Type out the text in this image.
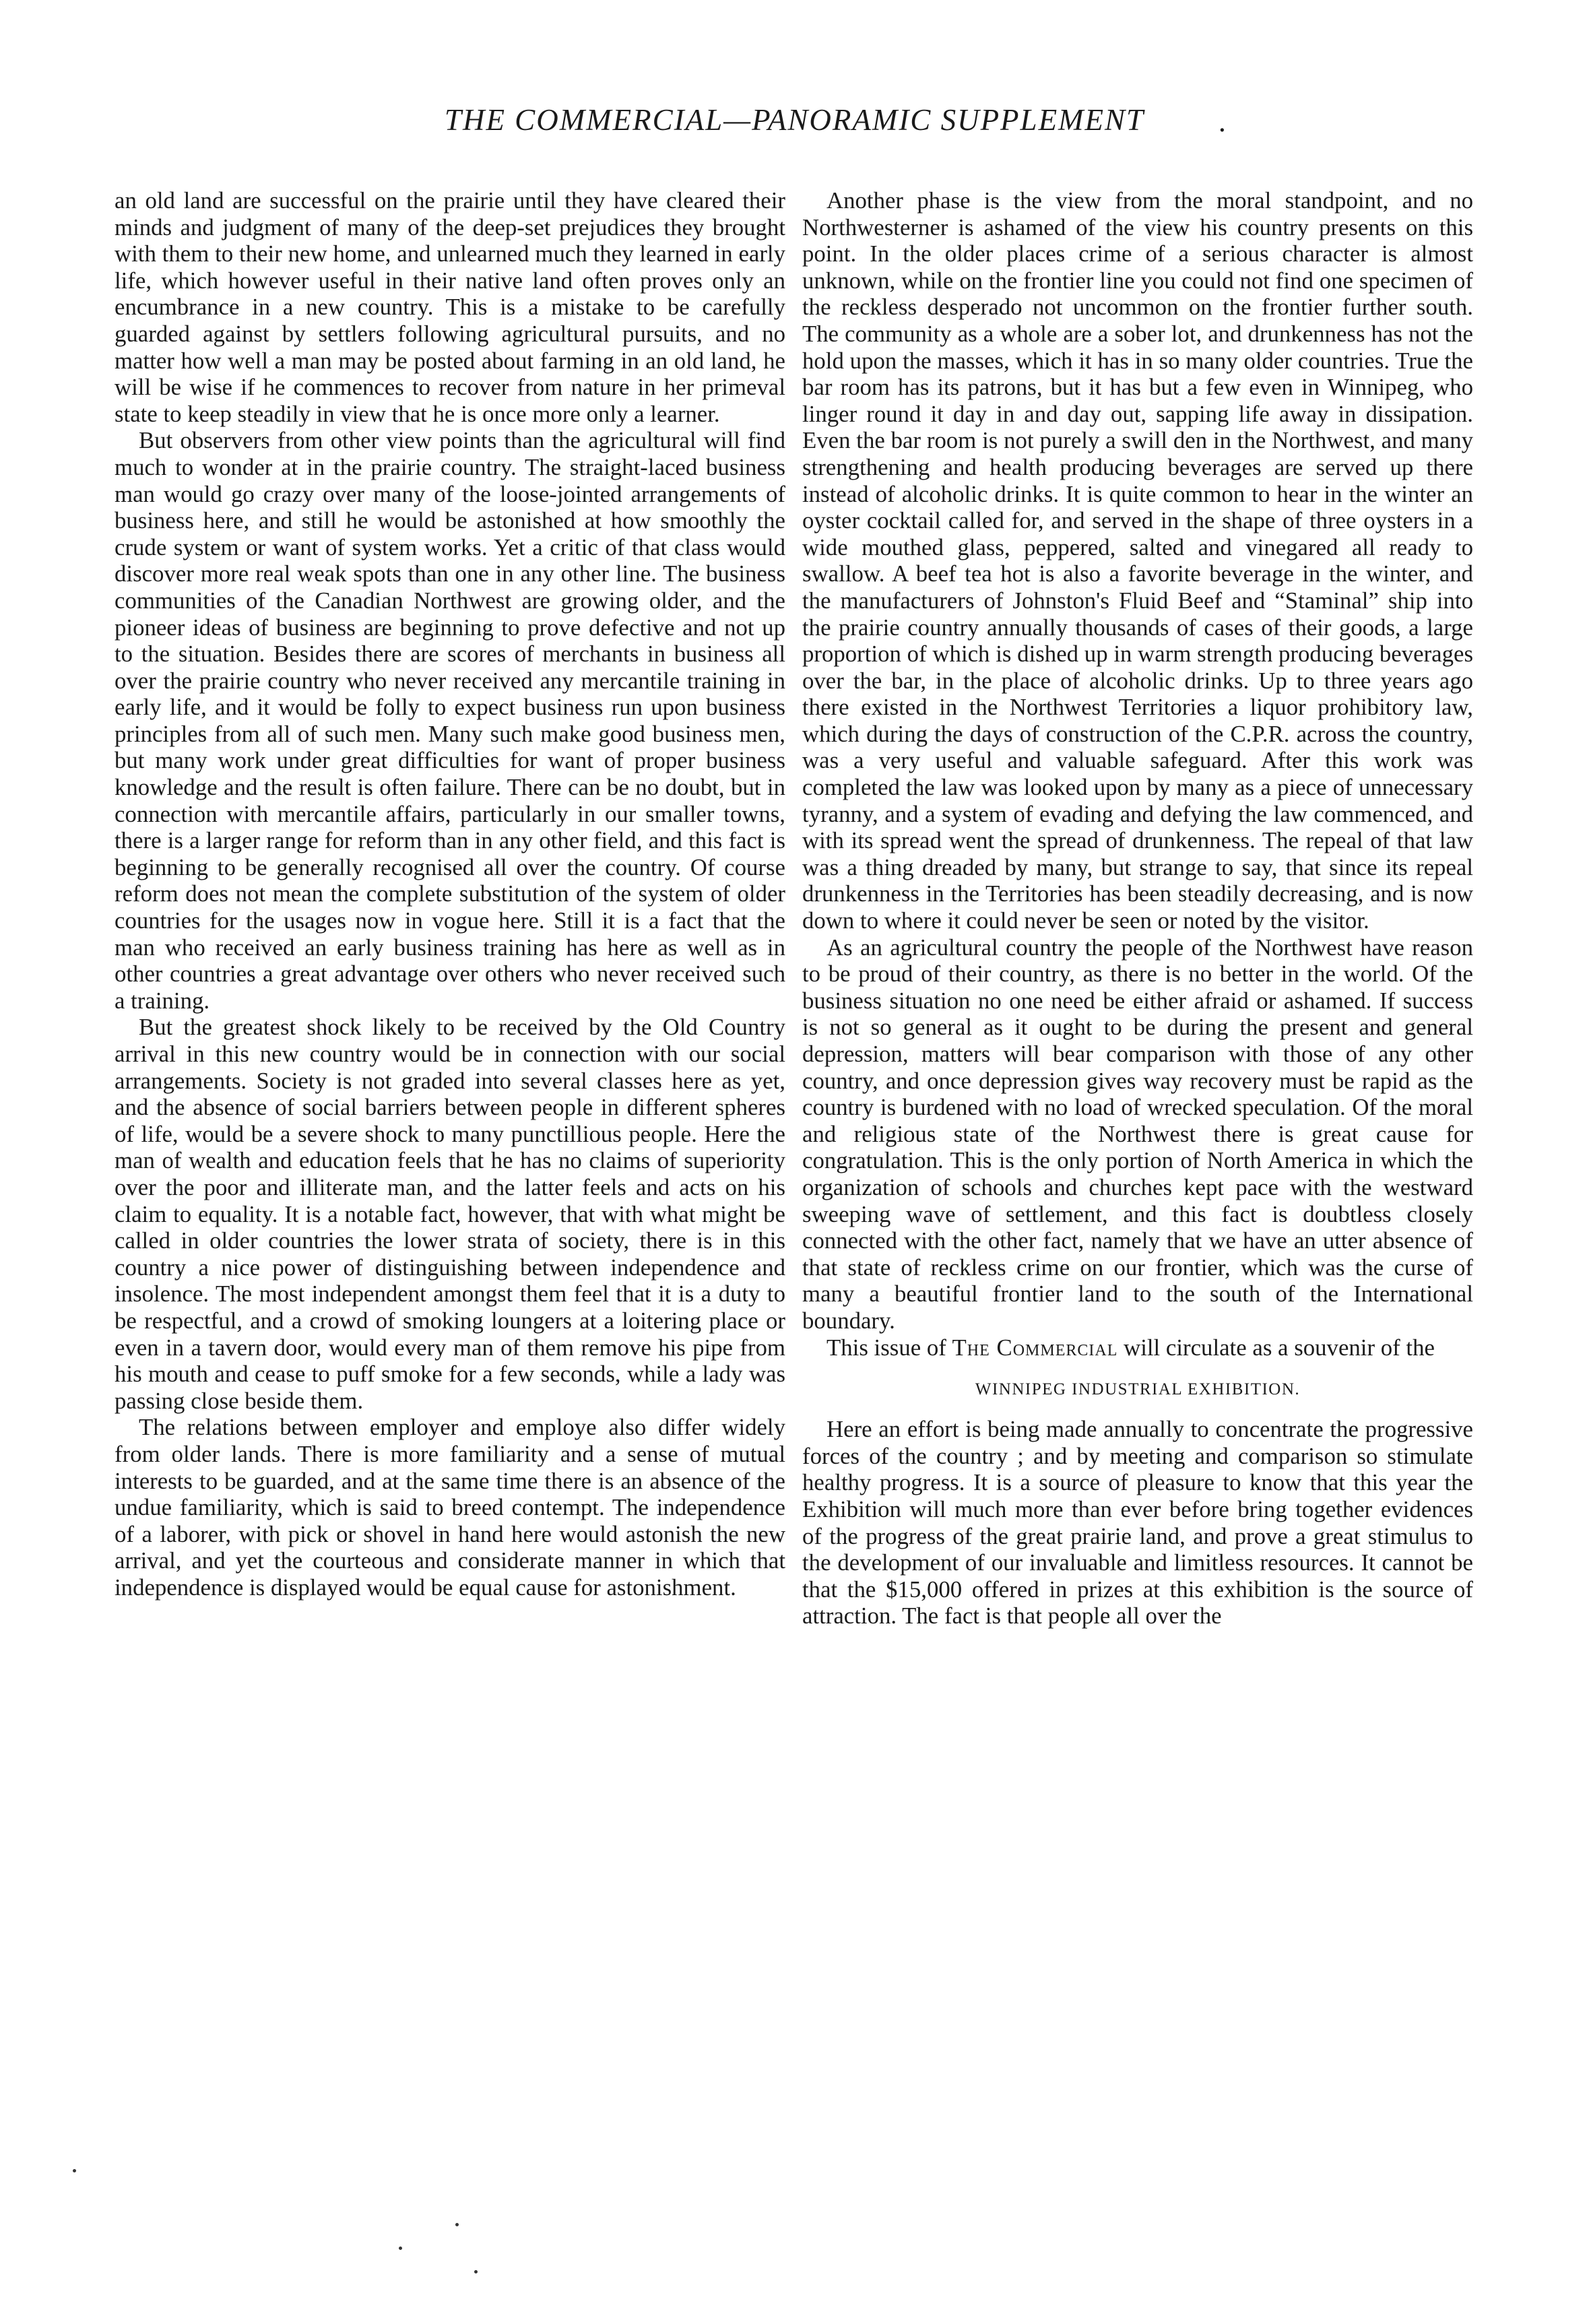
THE COMMERCIAL—PANORAMIC SUPPLEMENT	.

an old land are successful on the prairie until they have cleared their minds and judgment of many of the deep-set prejudices they brought with them to their new home, and unlearned much they learned in early life, which however useful in their native land often proves only an encumbrance in a new country. This is a mistake to be carefully guarded against by settlers following agricultural pursuits, and no matter how well a man may be posted about farming in an old land, he will be wise if he commences to recover from nature in her primeval state to keep steadily in view that he is once more only a learner.

But observers from other view points than the agricultural will find much to wonder at in the prairie country. The straight-laced business man would go crazy over many of the loose-jointed arrangements of business here, and still he would be astonished at how smoothly the crude system or want of system works. Yet a critic of that class would discover more real weak spots than one in any other line. The business communities of the Canadian Northwest are growing older, and the pioneer ideas of business are beginning to prove defective and not up to the situation. Besides there are scores of merchants in business all over the prairie country who never received any mercantile training in early life, and it would be folly to expect business run upon business principles from all of such men. Many such make good business men, but many work under great difficulties for want of proper business knowledge and the result is often failure. There can be no doubt, but in connection with mercantile affairs, particularly in our smaller towns, there is a larger range for reform than in any other field, and this fact is beginning to be generally recognised all over the country. Of course reform does not mean the complete substitution of the system of older countries for the usages now in vogue here. Still it is a fact that the man who received an early business training has here as well as in other countries a great advantage over others who never received such a training.

But the greatest shock likely to be received by the Old Country arrival in this new country would be in connection with our social arrangements. Society is not graded into several classes here as yet, and the absence of social barriers between people in different spheres of life, would be a severe shock to many punctillious people. Here the man of wealth and education feels that he has no claims of superiority over the poor and illiterate man, and the latter feels and acts on his claim to equality. It is a notable fact, however, that with what might be called in older countries the lower strata of society, there is in this country a nice power of distinguishing between independence and insolence. The most independent amongst them feel that it is a duty to be respectful, and a crowd of smoking loungers at a loitering place or even in a tavern door, would every man of them remove his pipe from his mouth and cease to puff smoke for a few seconds, while a lady was passing close beside them.

The relations between employer and employe also differ widely from older lands. There is more familiarity and a sense of mutual interests to be guarded, and at the same time there is an absence of the undue familiarity, which is said to breed contempt. The independence of a laborer, with pick or shovel in hand here would astonish the new arrival, and yet the courteous and considerate manner in which that independence is displayed would be equal cause for astonishment.

Another phase is the view from the moral standpoint, and no Northwesterner is ashamed of the view his country presents on this point. In the older places crime of a serious character is almost unknown, while on the frontier line you could not find one specimen of the reckless desperado not uncommon on the frontier further south. The community as a whole are a sober lot, and drunkenness has not the hold upon the masses, which it has in so many older countries. True the bar room has its patrons, but it has but a few even in Winnipeg, who linger round it day in and day out, sapping life away in dissipation. Even the bar room is not purely a swill den in the Northwest, and many strengthening and health producing beverages are served up there instead of alcoholic drinks. It is quite common to hear in the winter an oyster cocktail called for, and served in the shape of three oysters in a wide mouthed glass, peppered, salted and vinegared all ready to swallow. A beef tea hot is also a favorite beverage in the winter, and the manufacturers of Johnston's Fluid Beef and “Staminal” ship into the prairie country annually thousands of cases of their goods, a large proportion of which is dished up in warm strength producing beverages over the bar, in the place of alcoholic drinks. Up to three years ago there existed in the Northwest Territories a liquor prohibitory law, which during the days of construction of the C.P.R. across the country, was a very useful and valuable safeguard. After this work was completed the law was looked upon by many as a piece of unnecessary tyranny, and a system of evading and defying the law commenced, and with its spread went the spread of drunkenness. The repeal of that law was a thing dreaded by many, but strange to say, that since its repeal drunkenness in the Territories has been steadily decreasing, and is now down to where it could never be seen or noted by the visitor.

As an agricultural country the people of the Northwest have reason to be proud of their country, as there is no better in the world. Of the business situation no one need be either afraid or ashamed. If success is not so general as it ought to be during the present and general depression, matters will bear comparison with those of any other country, and once depression gives way recovery must be rapid as the country is burdened with no load of wrecked speculation. Of the moral and religious state of the Northwest there is great cause for congratulation. This is the only portion of North America in which the organization of schools and churches kept pace with the westward sweeping wave of settlement, and this fact is doubtless closely connected with the other fact, namely that we have an utter absence of that state of reckless crime on our frontier, which was the curse of many a beautiful frontier land to the south of the International boundary.

This issue of The Commercial will circulate as a souvenir of the

WINNIPEG INDUSTRIAL EXHIBITION.

Here an effort is being made annually to concentrate the progressive forces of the country ; and by meeting and comparison so stimulate healthy progress. It is a source of pleasure to know that this year the Exhibition will much more than ever before bring together evidences of the progress of the great prairie land, and prove a great stimulus to the development of our invaluable and limitless resources. It cannot be that the $15,000 offered in prizes at this exhibition is the source of attraction. The fact is that people all over the
